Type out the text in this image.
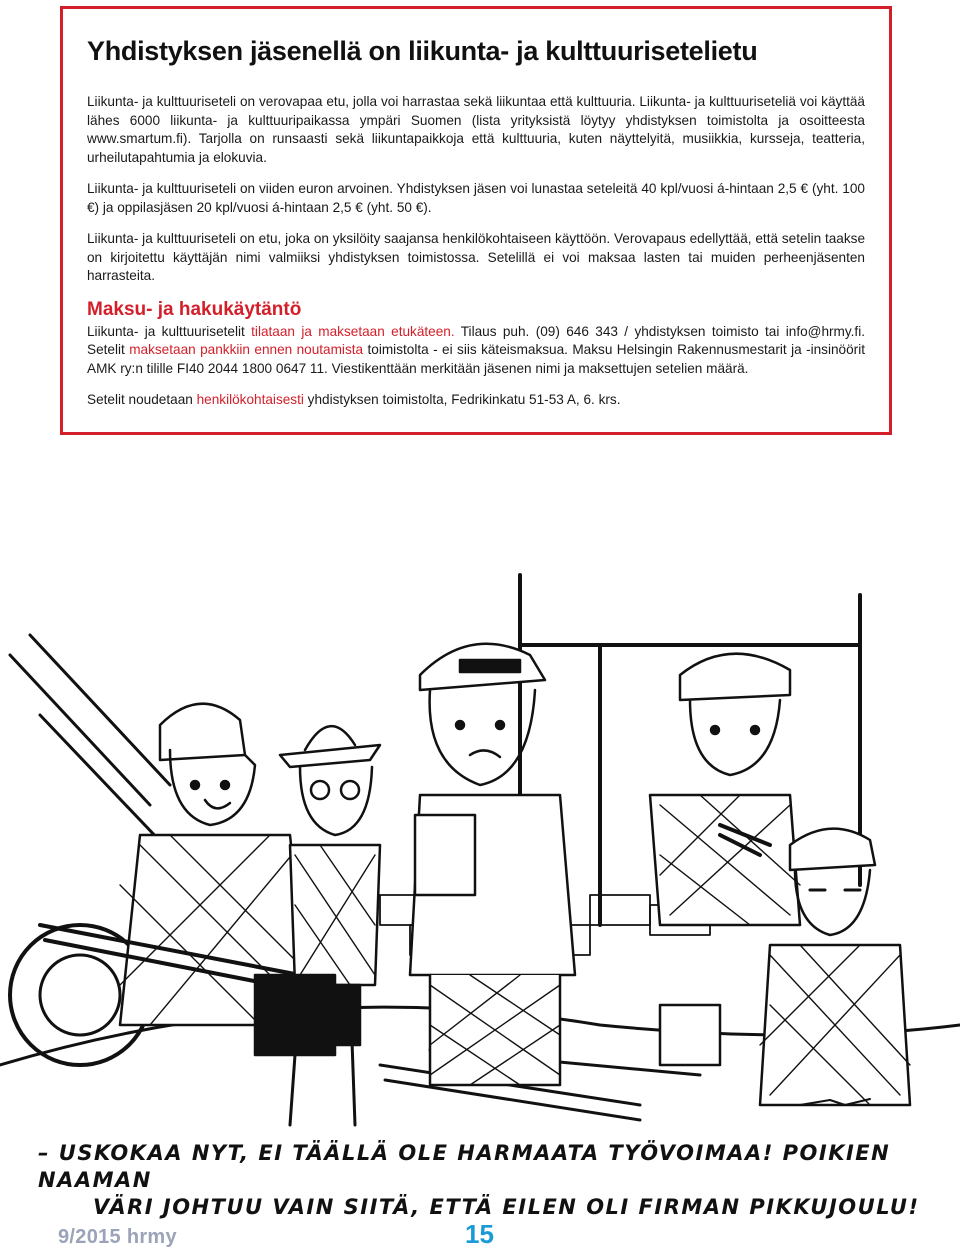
Yhdistyksen jäsenellä on liikunta- ja kulttuurisetelietu

Liikunta- ja kulttuuriseteli on verovapaa etu, jolla voi harrastaa sekä liikuntaa että kulttuuria. Liikunta- ja kulttuuriseteliä voi käyttää lähes 6000 liikunta- ja kulttuuripaikassa ympäri Suomen (lista yrityksistä löytyy yhdistyksen toimistolta ja osoitteesta www.smartum.fi). Tarjolla on runsaasti sekä liikuntapaikkoja että kulttuuria, kuten näyttelyitä, musiikkia, kursseja, teatteria, urheilutapahtumia ja elokuvia.

Liikunta- ja kulttuuriseteli on viiden euron arvoinen. Yhdistyksen jäsen voi lunastaa seteleitä 40 kpl/vuosi á-hintaan 2,5 € (yht. 100 €) ja oppilasjäsen 20 kpl/vuosi á-hintaan 2,5 € (yht. 50 €).

Liikunta- ja kulttuuriseteli on etu, joka on yksilöity saajansa henkilökohtaiseen käyttöön. Verovapaus edellyttää, että setelin taakse on kirjoitettu käyttäjän nimi valmiiksi yhdistyksen toimistossa. Setelillä ei voi maksaa lasten tai muiden perheenjäsenten harrasteita.

Maksu- ja hakukäytäntö

Liikunta- ja kulttuurisetelit tilataan ja maksetaan etukäteen. Tilaus puh. (09) 646 343 / yhdistyksen toimisto tai info@hrmy.fi. Setelit maksetaan pankkiin ennen noutamista toimistolta - ei siis käteismaksua. Maksu Helsingin Rakennusmestarit ja -insinöörit AMK ry:n tilille FI40 2044 1800 0647 11. Viestikenttään merkitään jäsenen nimi ja maksettujen setelien määrä.

Setelit noudetaan henkilökohtaisesti yhdistyksen toimistolta, Fedrikinkatu 51-53 A, 6. krs.

– USKOKAA NYT, EI TÄÄLLÄ OLE HARMAATA TYÖVOIMAA! POIKIEN NAAMAN
VÄRI JOHTUU VAIN SIITÄ, ETTÄ EILEN OLI FIRMAN PIKKUJOULU!
9/2015 hrmy	15
